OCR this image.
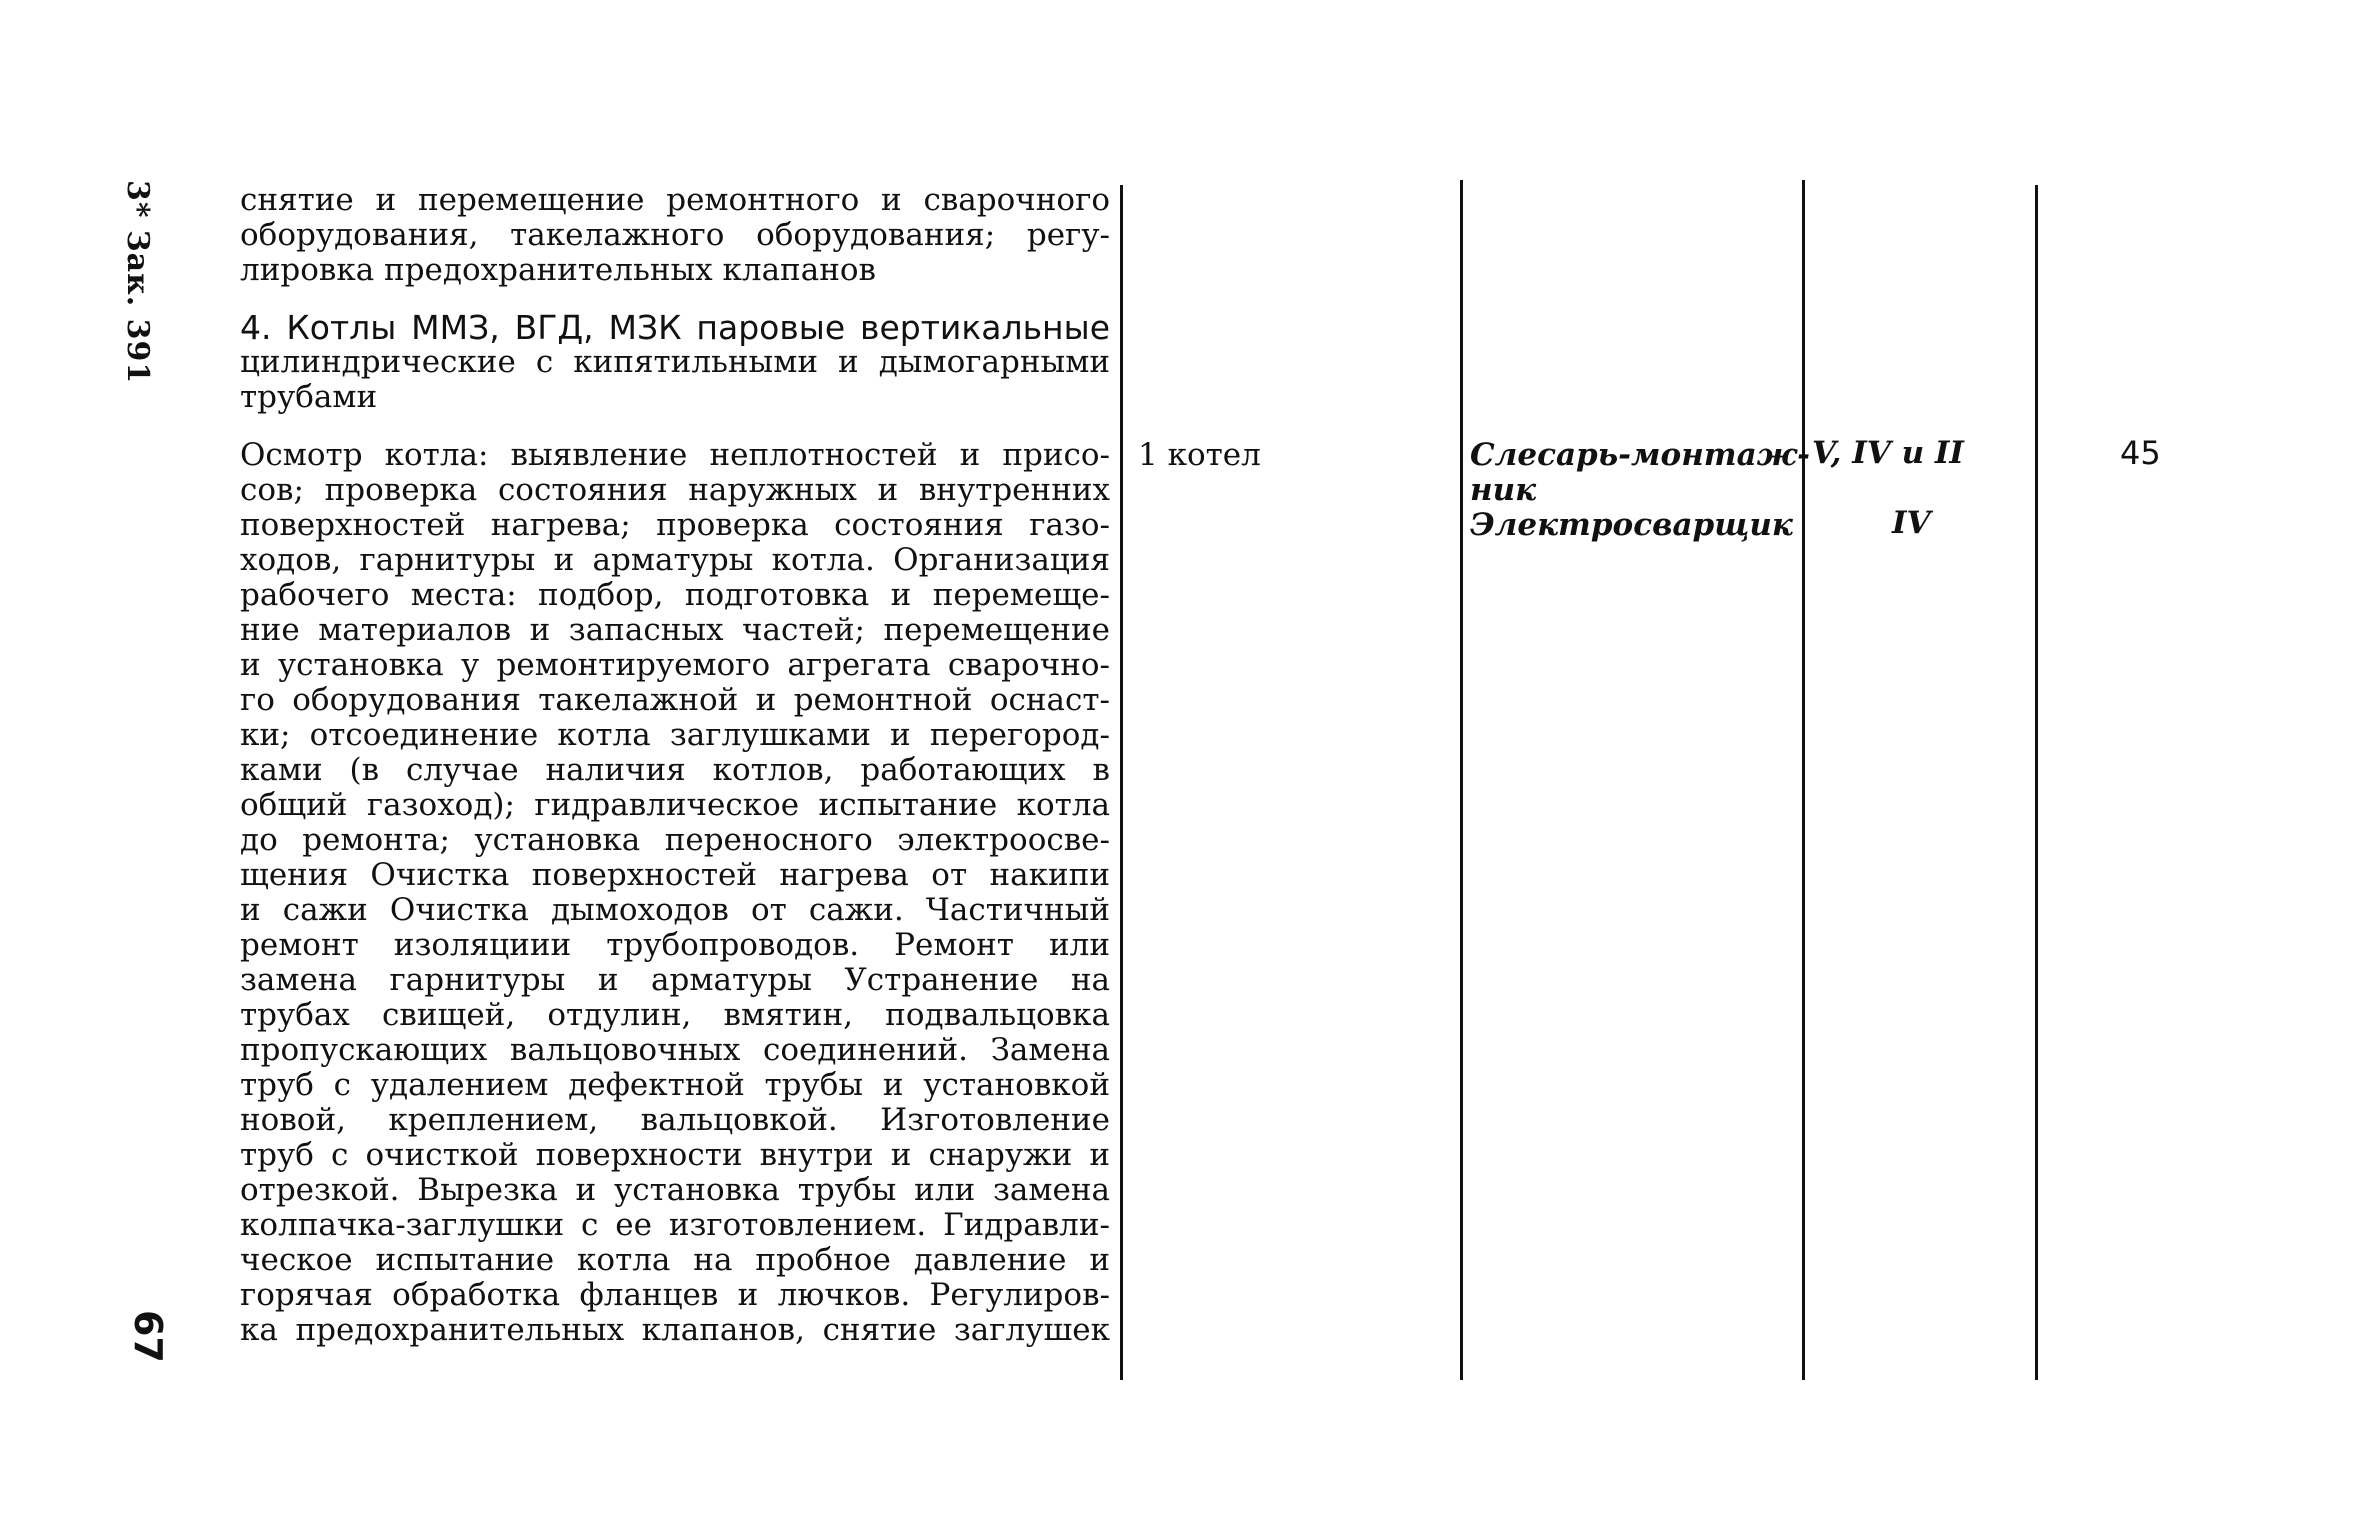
3* Зак. 391
67
снятие и перемещение ремонтного и сварочного
оборудования, такелажного оборудования; регу-
лировка предохранительных клапанов
4. Котлы ММЗ, ВГД, МЗК паровые вертикальные
цилиндрические с кипятильными и дымогарными
трубами
Осмотр котла: выявление неплотностей и присо-
сов; проверка состояния наружных и внутренних
поверхностей нагрева; проверка состояния газо-
ходов, гарнитуры и арматуры котла. Организация
рабочего места: подбор, подготовка и перемеще-
ние материалов и запасных частей; перемещение
и установка у ремонтируемого агрегата сварочно-
го оборудования такелажной и ремонтной оснаст-
ки; отсоединение котла заглушками и перегород-
ками (в случае наличия котлов, работающих в
общий газоход); гидравлическое испытание котла
до ремонта; установка переносного электроосве-
щения Очистка поверхностей нагрева от накипи
и сажи Очистка дымоходов от сажи. Частичный
ремонт изоляциии трубопроводов. Ремонт или
замена гарнитуры и арматуры Устранение на
трубах свищей, отдулин, вмятин, подвальцовка
пропускающих вальцовочных соединений. Замена
труб с удалением дефектной трубы и установкой
новой, креплением, вальцовкой. Изготовление
труб с очисткой поверхности внутри и снаружи и
отрезкой. Вырезка и установка трубы или замена
колпачка-заглушки с ее изготовлением. Гидравли-
ческое испытание котла на пробное давление и
горячая обработка фланцев и лючков. Регулиров-
ка предохранительных клапанов, снятие заглушек
1 котел	Слесарь-монтаж-
ник
Электросварщик
V, IV и II
IV
45
